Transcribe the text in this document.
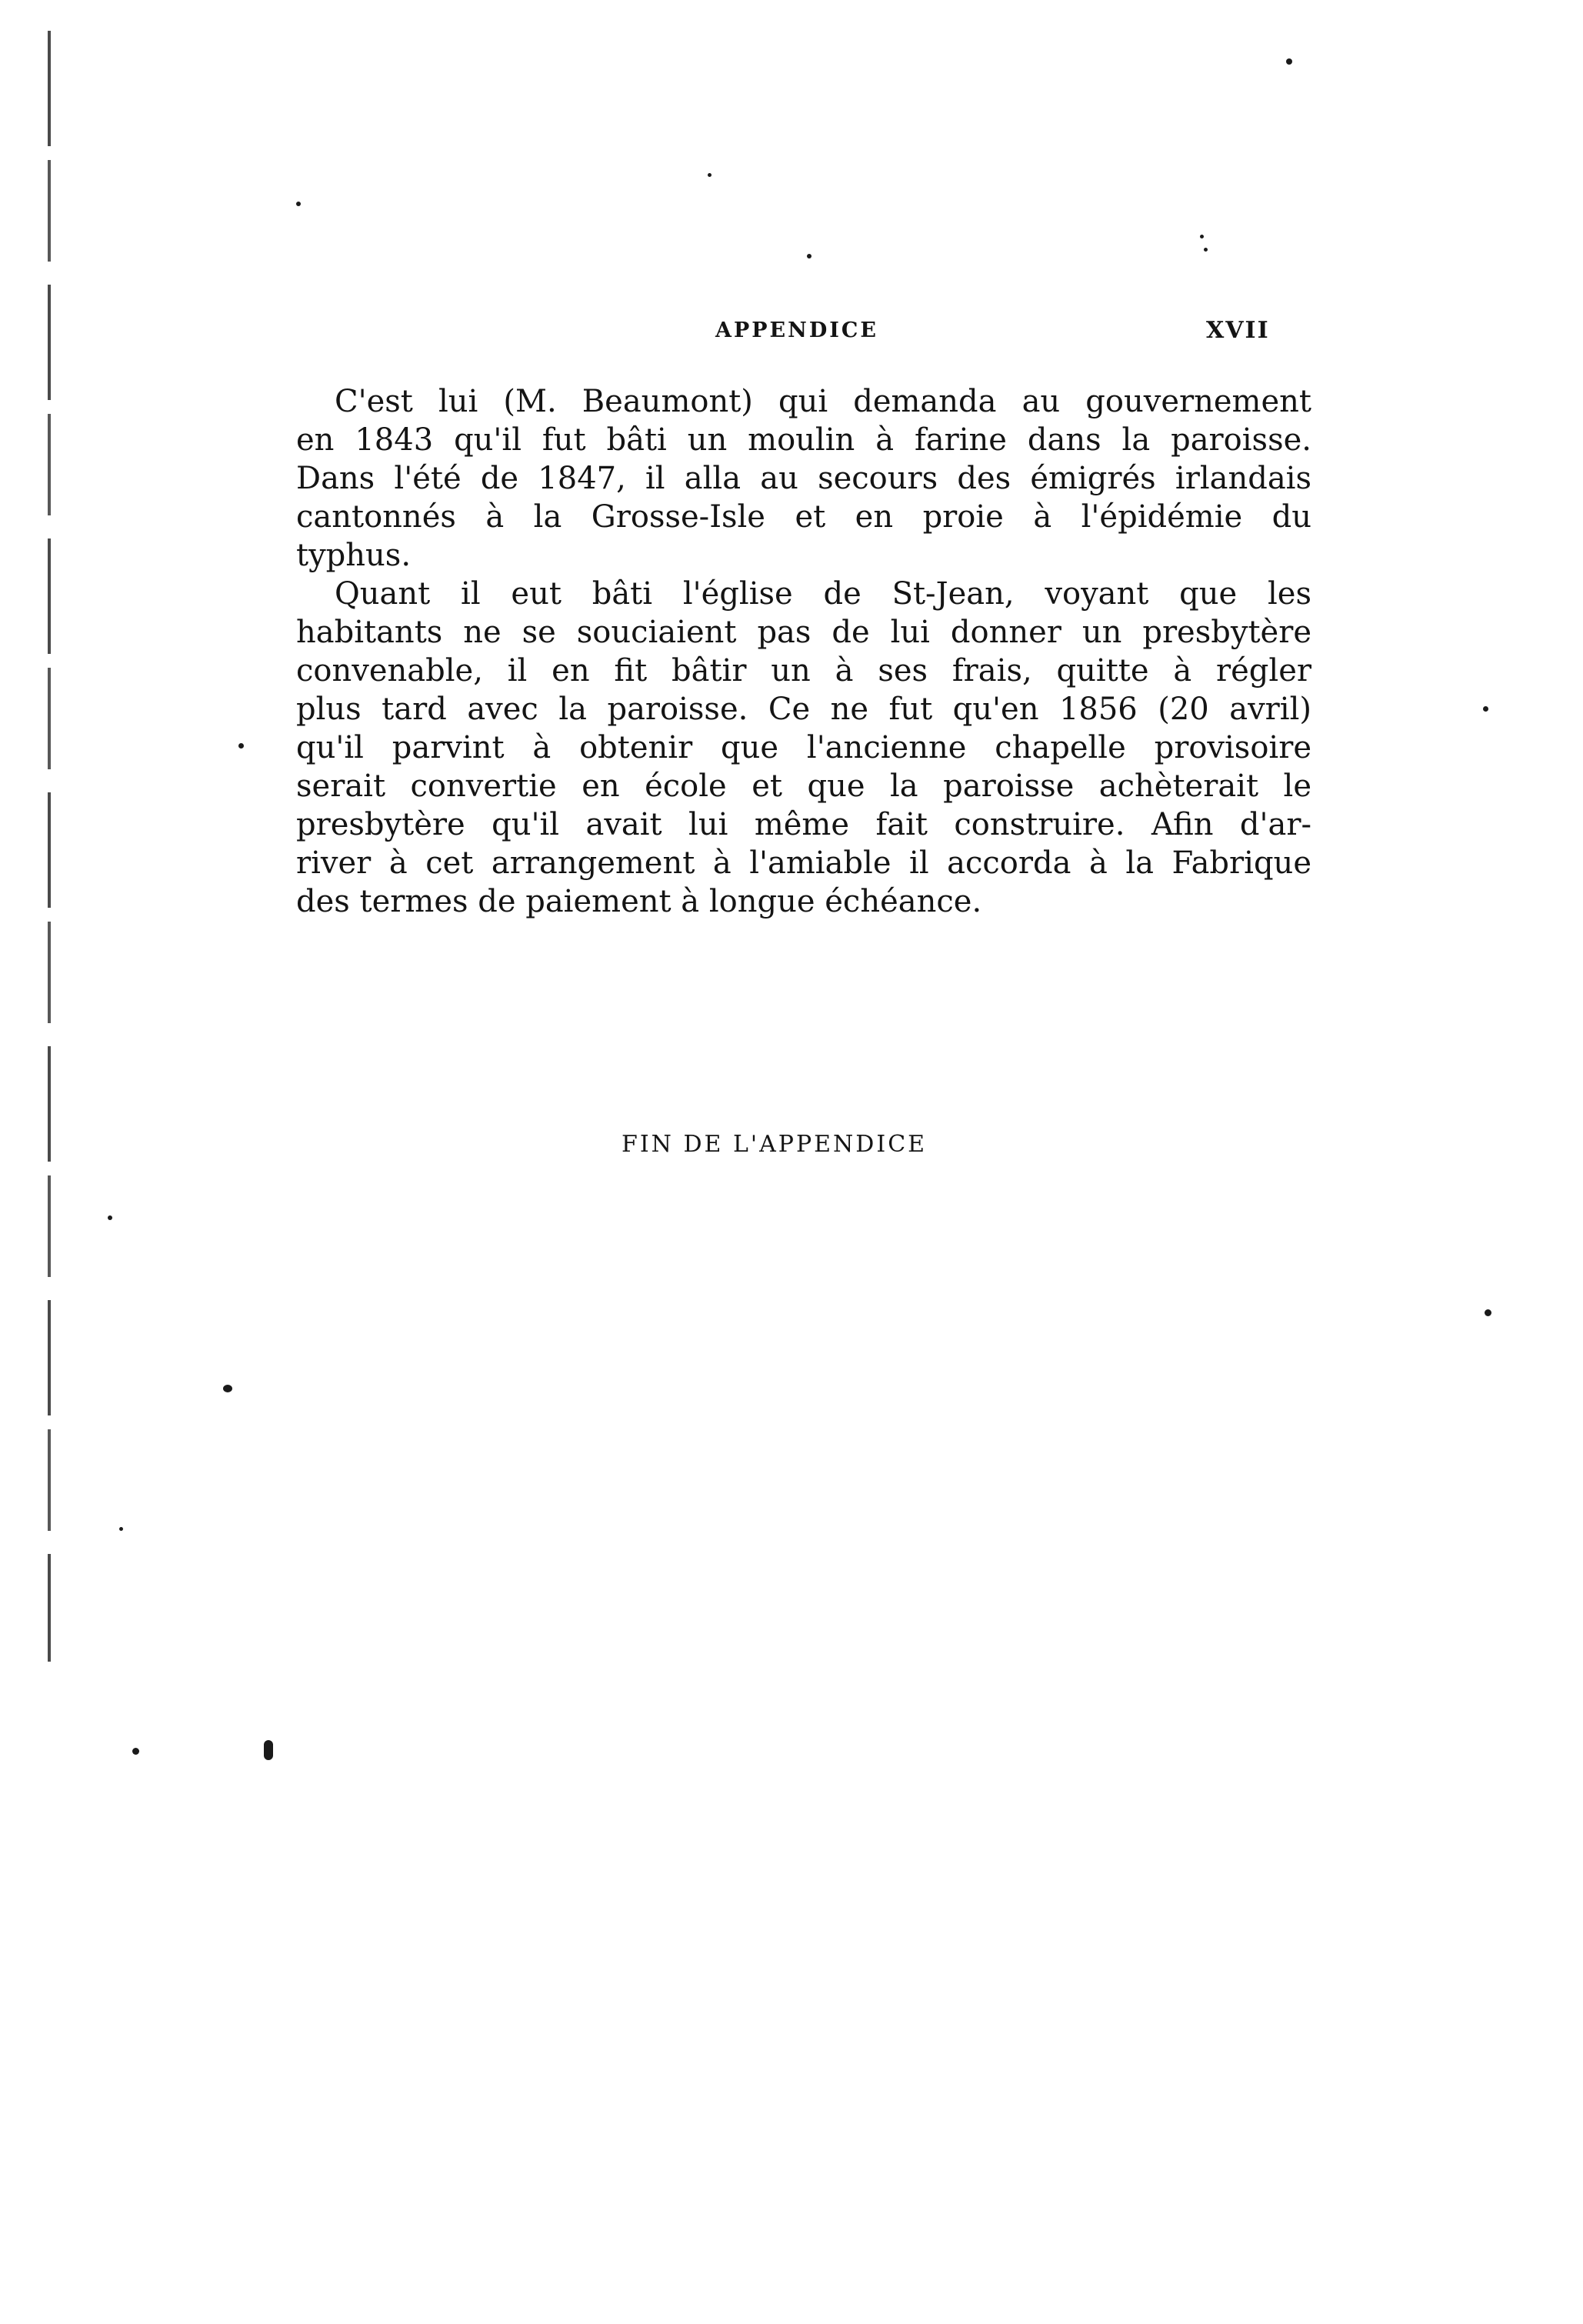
APPENDICE	XVII
C'est lui (M. Beaumont) qui demanda au gouvernement
en 1843 qu'il fut bâti un moulin à farine dans la paroisse.
Dans l'été de 1847, il alla au secours des émigrés irlandais
cantonnés à la Grosse-Isle et en proie à l'épidémie du
typhus.
Quant il eut bâti l'église de St-Jean, voyant que les
habitants ne se souciaient pas de lui donner un presbytère
convenable, il en fit bâtir un à ses frais, quitte à régler
plus tard avec la paroisse. Ce ne fut qu'en 1856 (20 avril)
qu'il parvint à obtenir que l'ancienne chapelle provisoire
serait convertie en école et que la paroisse achèterait le
presbytère qu'il avait lui même fait construire. Afin d'ar-
river à cet arrangement à l'amiable il accorda à la Fabrique
des termes de paiement à longue échéance.
FIN DE L'APPENDICE
